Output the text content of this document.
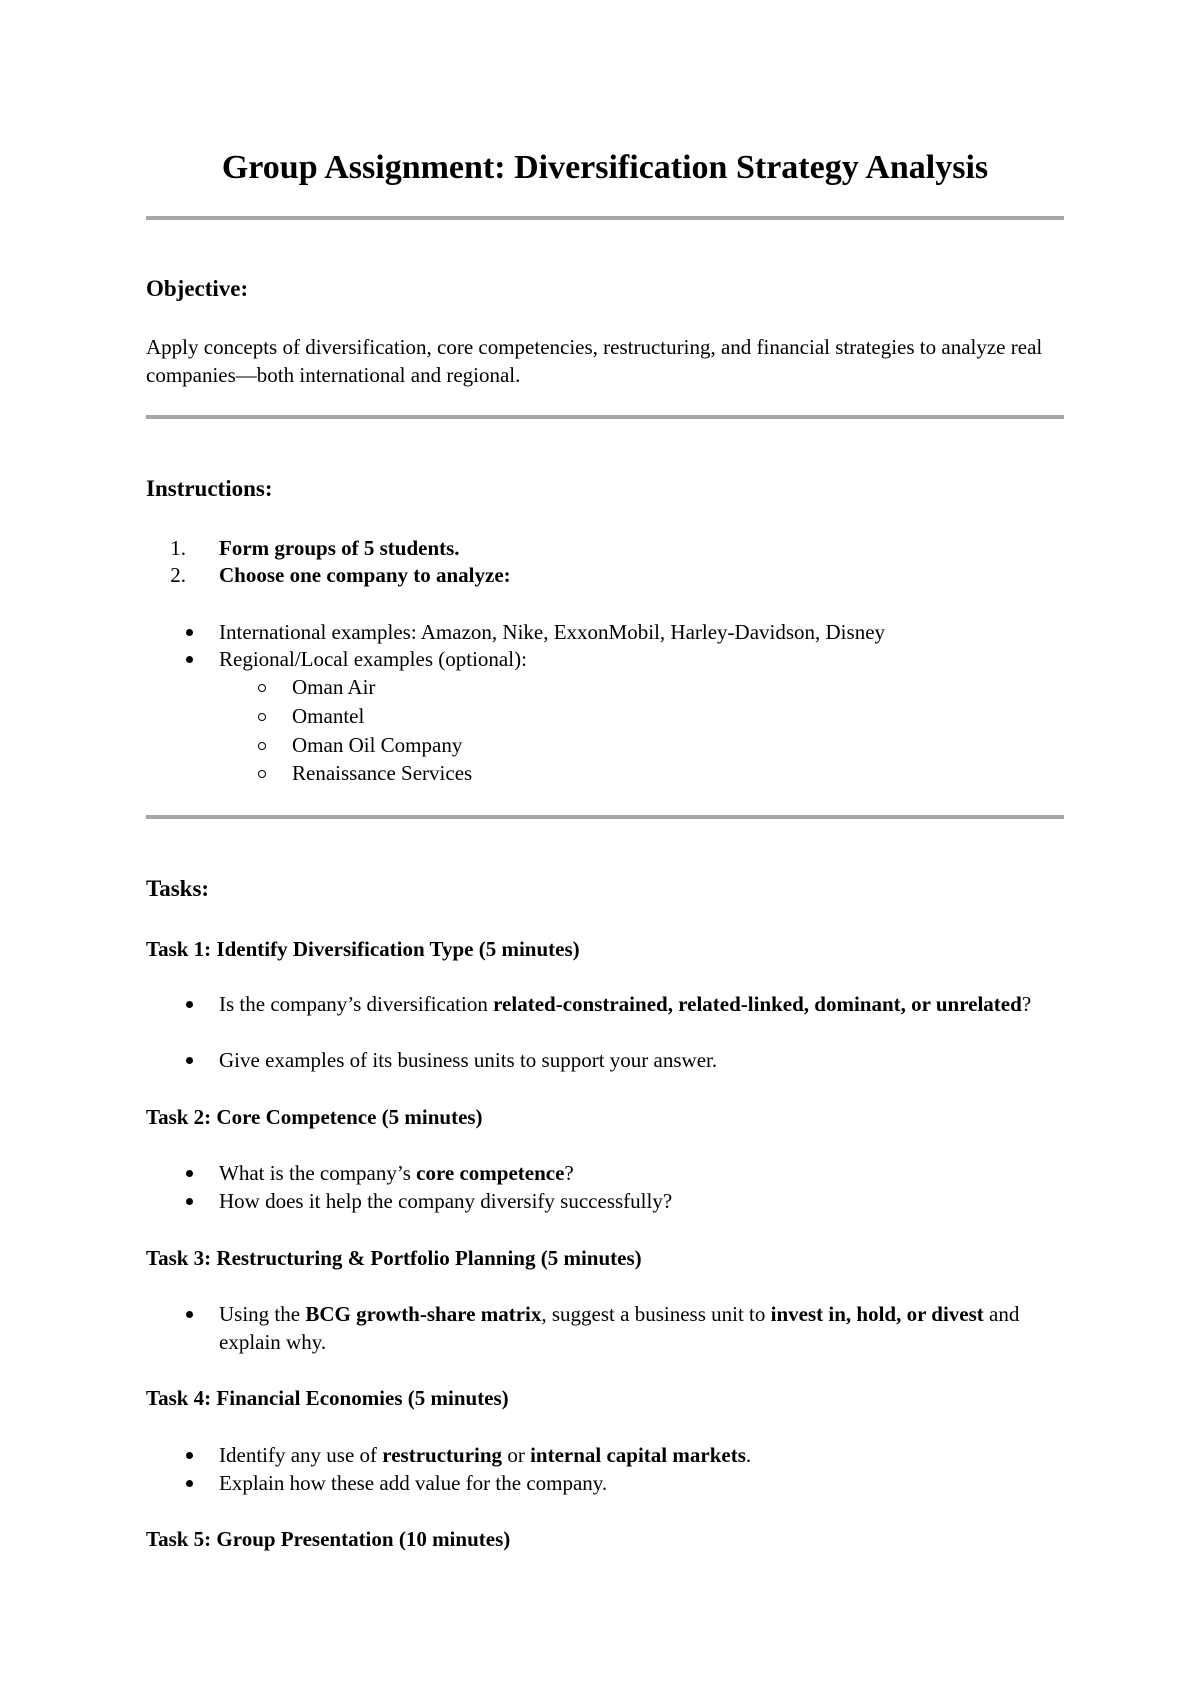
Group Assignment: Diversification Strategy Analysis
Objective:

Apply concepts of diversification, core competencies, restructuring, and financial strategies to analyze real companies—both international and regional.

Instructions:
1. Form groups of 5 students.
2. Choose one company to analyze:
International examples: Amazon, Nike, ExxonMobil, Harley-Davidson, Disney
Regional/Local examples (optional):
Oman Air
Omantel
Oman Oil Company
Renaissance Services
Tasks:
Task 1: Identify Diversification Type (5 minutes)
Is the company’s diversification related-constrained, related-linked, dominant, or unrelated?
Give examples of its business units to support your answer.
Task 2: Core Competence (5 minutes)
What is the company’s core competence?
How does it help the company diversify successfully?
Task 3: Restructuring & Portfolio Planning (5 minutes)
Using the BCG growth-share matrix, suggest a business unit to invest in, hold, or divest and explain why.
Task 4: Financial Economies (5 minutes)
Identify any use of restructuring or internal capital markets.
Explain how these add value for the company.
Task 5: Group Presentation (10 minutes)
